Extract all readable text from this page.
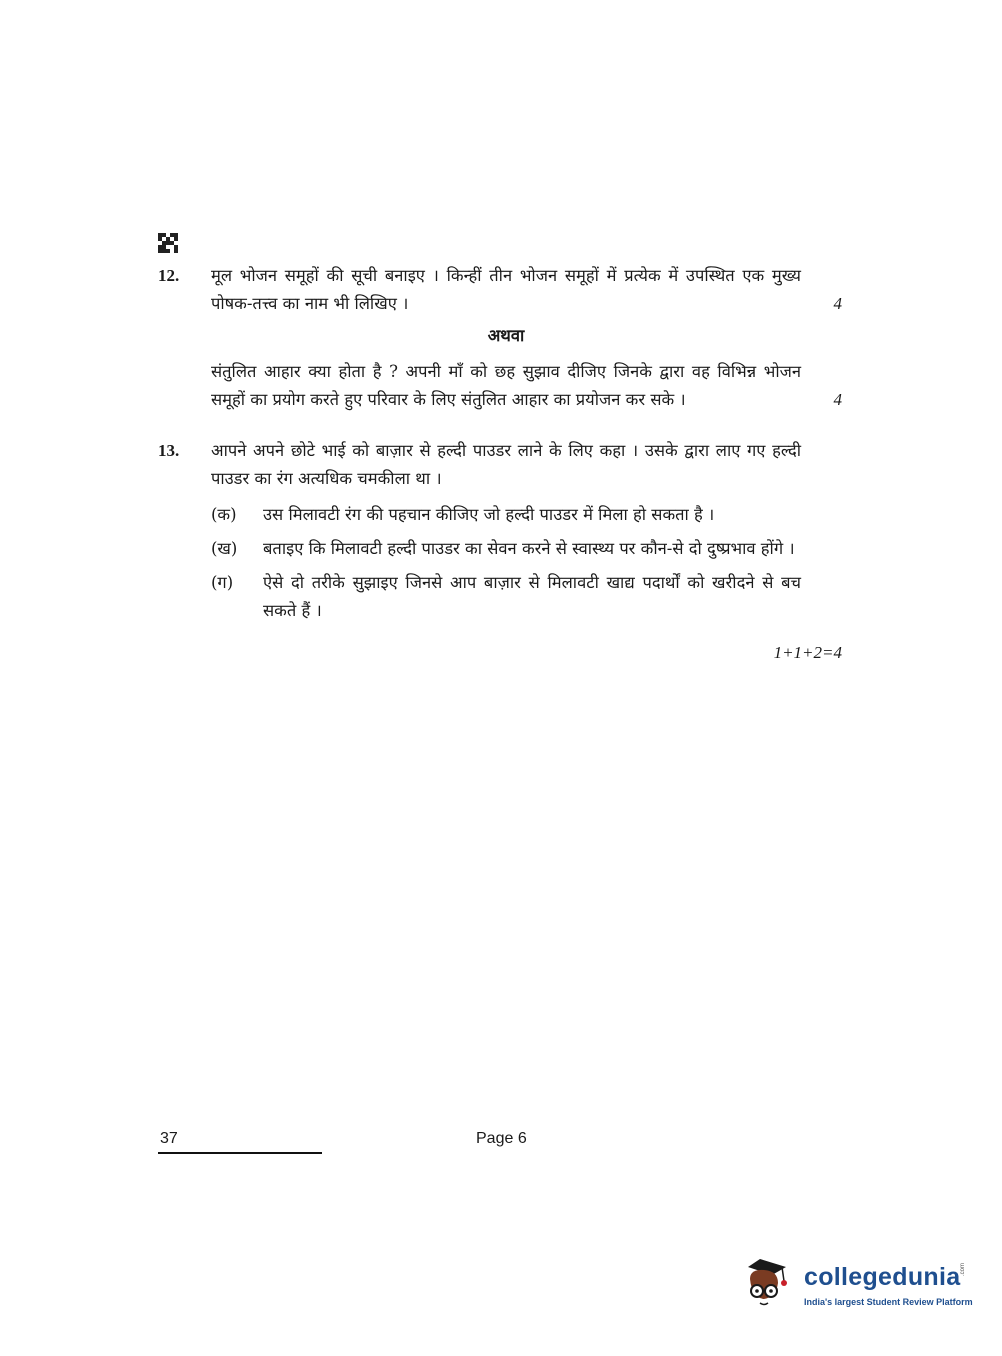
12. मूल भोजन समूहों की सूची बनाइए । किन्हीं तीन भोजन समूहों में प्रत्येक में उपस्थित एक मुख्य पोषक-तत्त्व का नाम भी लिखिए ।	4
अथवा
संतुलित आहार क्या होता है ? अपनी माँ को छह सुझाव दीजिए जिनके द्वारा वह विभिन्न भोजन समूहों का प्रयोग करते हुए परिवार के लिए संतुलित आहार का प्रयोजन कर सके ।	4
13. आपने अपने छोटे भाई को बाज़ार से हल्दी पाउडर लाने के लिए कहा । उसके द्वारा लाए गए हल्दी पाउडर का रंग अत्यधिक चमकीला था ।
(क) उस मिलावटी रंग की पहचान कीजिए जो हल्दी पाउडर में मिला हो सकता है ।
(ख) बताइए कि मिलावटी हल्दी पाउडर का सेवन करने से स्वास्थ्य पर कौन-से दो दुष्प्रभाव होंगे ।
(ग) ऐसे दो तरीके सुझाइए जिनसे आप बाज़ार से मिलावटी खाद्य पदार्थों को खरीदने से बच सकते हैं ।
1+1+2=4
37	Page 6
collegedunia .com
India's largest Student Review Platform
